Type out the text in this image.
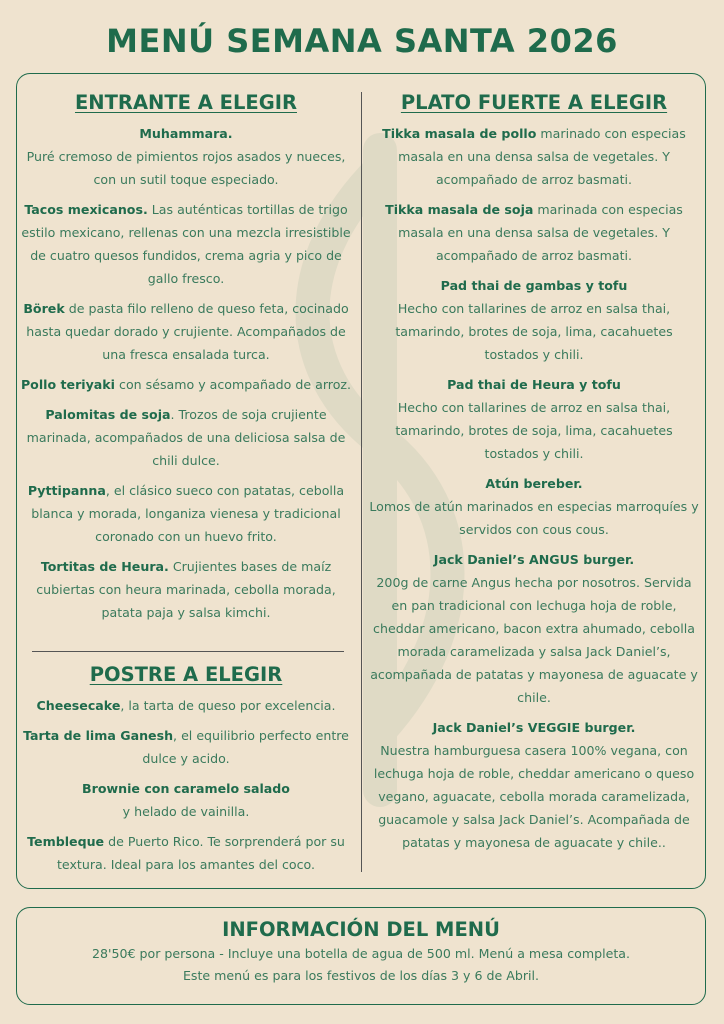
MENÚ SEMANA SANTA 2026
ENTRANTE A ELEGIR
Muhammara.
Puré cremoso de pimientos rojos asados y nueces, con un sutil toque especiado.
Tacos mexicanos. Las auténticas tortillas de trigo estilo mexicano, rellenas con una mezcla irresistible de cuatro quesos fundidos, crema agria y pico de gallo fresco.
Börek de pasta filo relleno de queso feta, cocinado hasta quedar dorado y crujiente. Acompañados de una fresca ensalada turca.
Pollo teriyaki con sésamo y acompañado de arroz.
Palomitas de soja. Trozos de soja crujiente marinada, acompañados de una deliciosa salsa de chili dulce.
Pyttipanna, el clásico sueco con patatas, cebolla blanca y morada, longaniza vienesa y tradicional coronado con un huevo frito.
Tortitas de Heura. Crujientes bases de maíz cubiertas con heura marinada, cebolla morada, patata paja y salsa kimchi.
POSTRE A ELEGIR
Cheesecake, la tarta de queso por excelencia.
Tarta de lima Ganesh, el equilibrio perfecto entre dulce y acido.
Brownie con caramelo salado
y helado de vainilla.
Tembleque de Puerto Rico. Te sorprenderá por su textura. Ideal para los amantes del coco.
PLATO FUERTE A ELEGIR
Tikka masala de pollo marinado con especias masala en una densa salsa de vegetales. Y acompañado de arroz basmati.
Tikka masala de soja marinada con especias masala en una densa salsa de vegetales. Y acompañado de arroz basmati.
Pad thai de gambas y tofu
Hecho con tallarines de arroz en salsa thai, tamarindo, brotes de soja, lima, cacahuetes tostados y chili.
Pad thai de Heura y tofu
Hecho con tallarines de arroz en salsa thai, tamarindo, brotes de soja, lima, cacahuetes tostados y chili.
Atún bereber.
Lomos de atún marinados en especias marroquíes y servidos con cous cous.
Jack Daniel’s ANGUS burger.
200g de carne Angus hecha por nosotros. Servida en pan tradicional con lechuga hoja de roble, cheddar americano, bacon extra ahumado, cebolla morada caramelizada y salsa Jack Daniel’s, acompañada de patatas y mayonesa de aguacate y chile.
Jack Daniel’s VEGGIE burger.
Nuestra hamburguesa casera 100% vegana, con lechuga hoja de roble, cheddar americano o queso vegano, aguacate, cebolla morada caramelizada, guacamole y salsa Jack Daniel’s. Acompañada de patatas y mayonesa de aguacate y chile..
INFORMACIÓN DEL MENÚ
28'50€ por persona - Incluye una botella de agua de 500 ml. Menú a mesa completa.
Este menú es para los festivos de los días 3 y 6 de Abril.
